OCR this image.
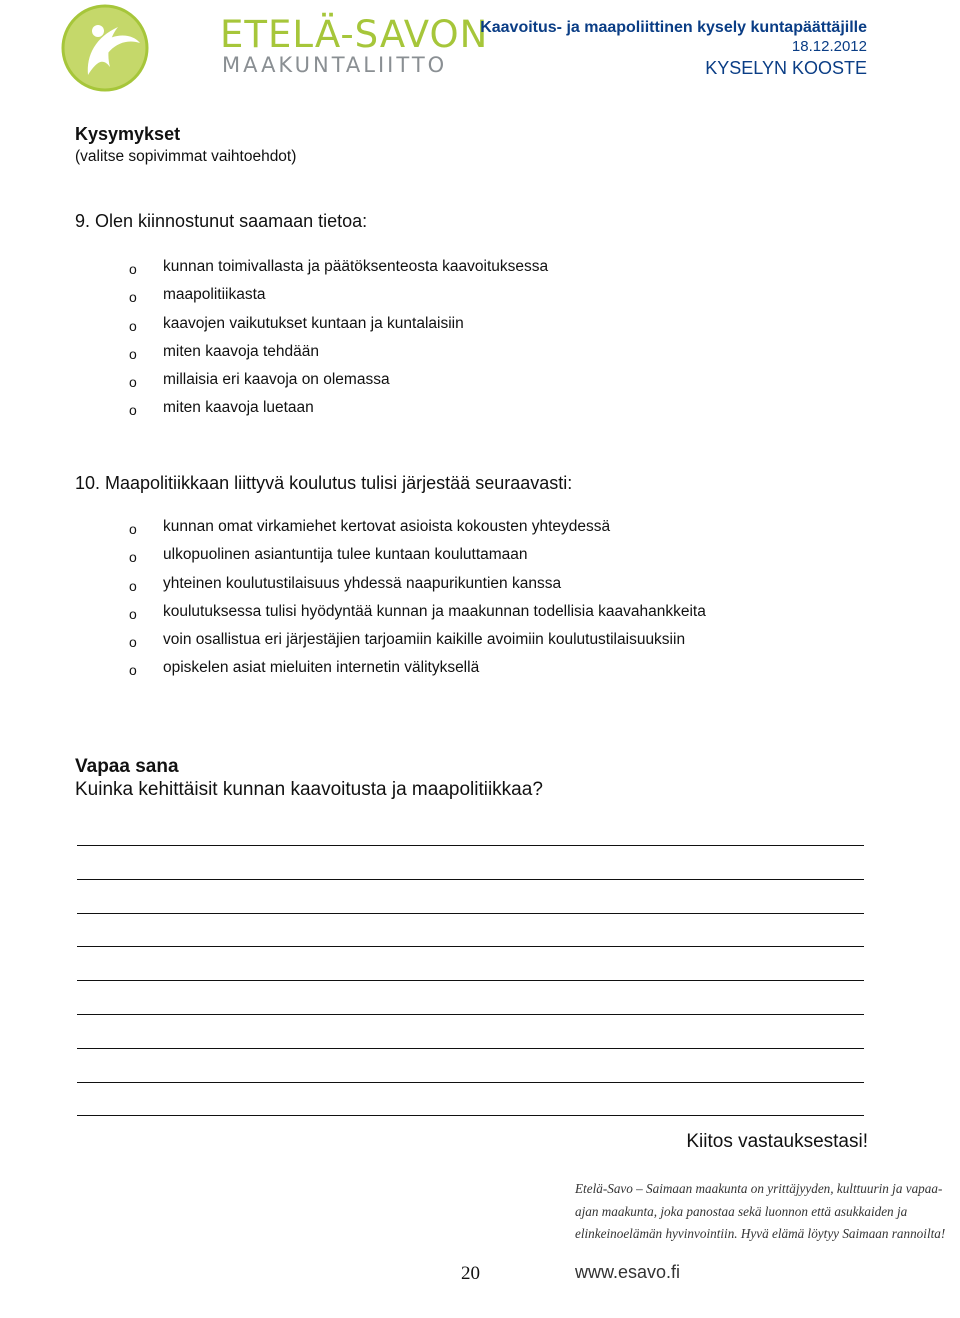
ETELÄ-SAVON
MAAKUNTALIITTO
Kaavoitus- ja maapoliittinen kysely kuntapäättäjille
18.12.2012
KYSELYN KOOSTE
Kysymykset
(valitse sopivimmat vaihtoehdot)
9. Olen kiinnostunut saamaan tietoa:
o kunnan toimivallasta ja päätöksenteosta kaavoituksessa
o maapolitiikasta
o kaavojen vaikutukset kuntaan ja kuntalaisiin
o miten kaavoja tehdään
o millaisia eri kaavoja on olemassa
o miten kaavoja luetaan
10. Maapolitiikkaan liittyvä koulutus tulisi järjestää seuraavasti:
o kunnan omat virkamiehet kertovat asioista kokousten yhteydessä
o ulkopuolinen asiantuntija tulee kuntaan kouluttamaan
o yhteinen koulutustilaisuus yhdessä naapurikuntien kanssa
o koulutuksessa tulisi hyödyntää kunnan ja maakunnan todellisia kaavahankkeita
o voin osallistua eri järjestäjien tarjoamiin kaikille avoimiin koulutustilaisuuksiin
o opiskelen asiat mieluiten internetin välityksellä
Vapaa sana
Kuinka kehittäisit kunnan kaavoitusta ja maapolitiikkaa?
Kiitos vastauksestasi!
Etelä-Savo – Saimaan maakunta on yrittäjyyden, kulttuurin ja vapaa-ajan maakunta, joka panostaa sekä luonnon että asukkaiden ja elinkeinoelämän hyvinvointiin. Hyvä elämä löytyy Saimaan rannoilta!
20	www.esavo.fi
